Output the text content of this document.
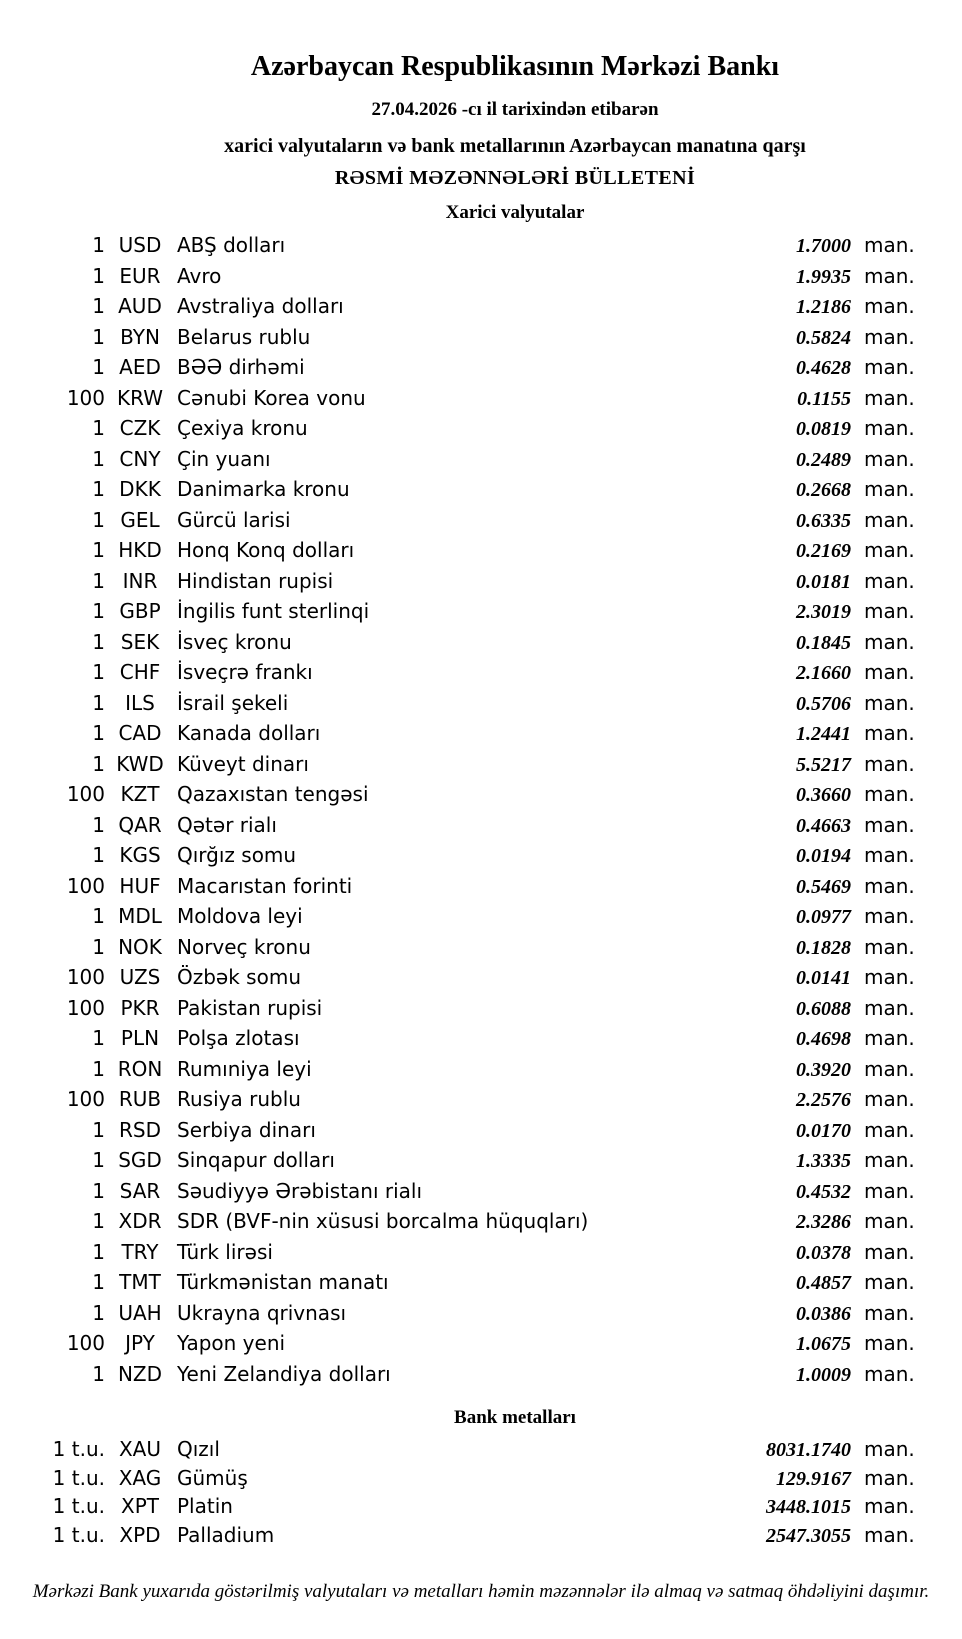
Azərbaycan Respublikasının Mərkəzi Bankı
27.04.2026 -cı il tarixindən etibarən
xarici valyutaların və bank metallarının Azərbaycan manatına qarşı
RƏSMİ MƏZƏNNƏLƏRİ BÜLLETENİ
Xarici valyutalar
1 USD ABŞ dolları	1.7000 man.
1 EUR Avro	1.9935 man.
1 AUD Avstraliya dolları	1.2186 man.
1 BYN Belarus rublu	0.5824 man.
1 AED BƏƏ dirhəmi	0.4628 man.
100 KRW Cənubi Korea vonu	0.1155 man.
1 CZK Çexiya kronu	0.0819 man.
1 CNY Çin yuanı	0.2489 man.
1 DKK Danimarka kronu	0.2668 man.
1 GEL Gürcü larisi	0.6335 man.
1 HKD Honq Konq dolları	0.2169 man.
1 INR Hindistan rupisi	0.0181 man.
1 GBP İngilis funt sterlinqi	2.3019 man.
1 SEK İsveç kronu	0.1845 man.
1 CHF İsveçrə frankı	2.1660 man.
1	ILS	İsrail şekeli	0.5706 man.
1 CAD Kanada dolları	1.2441 man.
1 KWD Küveyt dinarı	5.5217 man.
100 KZT Qazaxıstan tengəsi	0.3660 man.
1 QAR Qətər rialı	0.4663 man.
1 KGS Qırğız somu	0.0194 man.
100 HUF Macarıstan forinti	0.5469 man.
1 MDL Moldova leyi	0.0977 man.
1 NOK Norveç kronu	0.1828 man.
100 UZS Özbək somu	0.0141 man.
100 PKR Pakistan rupisi	0.6088 man.
1 PLN Polşa zlotası	0.4698 man.
1 RON Rumıniya leyi	0.3920 man.
100 RUB Rusiya rublu	2.2576 man.
1 RSD Serbiya dinarı	0.0170 man.
1 SGD Sinqapur dolları	1.3335 man.
1 SAR Səudiyyə Ərəbistanı rialı	0.4532 man.
1 XDR SDR (BVF-nin xüsusi borcalma hüquqları)	2.3286 man.
1 TRY Türk lirəsi	0.0378 man.
1 TMT Türkmənistan manatı	0.4857 man.
1 UAH Ukrayna qrivnası	0.0386 man.
100	JPY	Yapon yeni	1.0675 man.
1 NZD Yeni Zelandiya dolları	1.0009 man.
Bank metalları
1 t.u. XAU Qızıl	8031.1740 man.
1 t.u. XAG Gümüş	129.9167 man.
1 t.u. XPT Platin	3448.1015 man.
1 t.u. XPD Palladium	2547.3055 man.
Mərkəzi Bank yuxarıda göstərilmiş valyutaları və metalları həmin məzənnələr ilə almaq və satmaq öhdəliyini daşımır.
